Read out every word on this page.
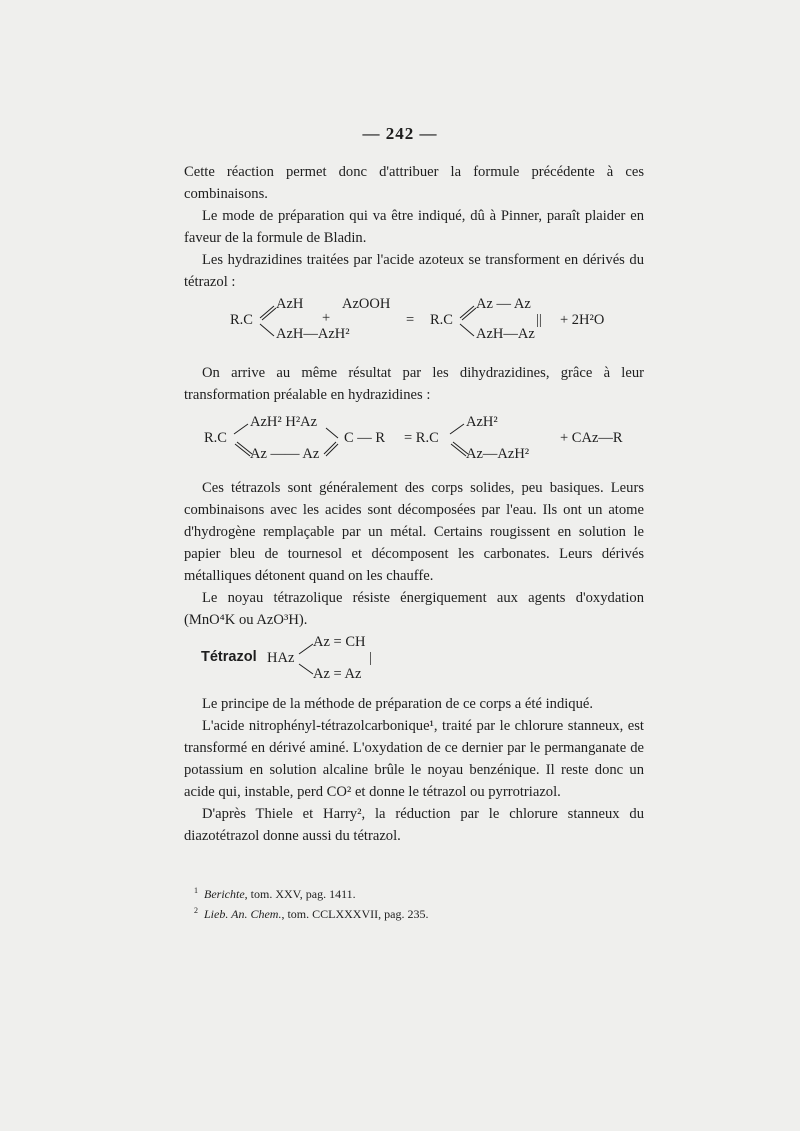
— 242 —

Cette réaction permet donc d'attribuer la formule précédente à ces combinaisons.

Le mode de préparation qui va être indiqué, dû à Pinner, paraît plaider en faveur de la formule de Bladin.

Les hydrazidines traitées par l'acide azoteux se transforment en dérivés du tétrazol :

R.C
AzH	AzOOH
+
AzH—AzH²
= R.C
Az — Az
||
AzH—Az
+ 2H²O

On arrive au même résultat par les dihydrazidines, grâce à leur transformation préalable en hydrazidines :

R.C
AzH² H²Az
Az —— Az
C — R = R.C
AzH²
Az—AzH²
+ CAz—R

Ces tétrazols sont généralement des corps solides, peu basiques. Leurs combinaisons avec les acides sont décomposées par l'eau. Ils ont un atome d'hydrogène remplaçable par un métal. Certains rougissent en solution le papier bleu de tournesol et décomposent les carbonates. Leurs dérivés métalliques détonent quand on les chauffe.

Le noyau tétrazolique résiste énergiquement aux agents d'oxydation (MnO⁴K ou AzO³H).

Tétrazol HAz
Az = CH
|
Az = Az

Le principe de la méthode de préparation de ce corps a été indiqué.

L'acide nitrophényl-tétrazolcarbonique¹, traité par le chlorure stanneux, est transformé en dérivé aminé. L'oxydation de ce dernier par le permanganate de potassium en solution alcaline brûle le noyau benzénique. Il reste donc un acide qui, instable, perd CO² et donne le tétrazol ou pyrrotriazol.

D'après Thiele et Harry², la réduction par le chlorure stanneux du diazotétrazol donne aussi du tétrazol.

$^1$ Berichte, tom. XXV, pag. 1411.
$^2$ Lieb. An. Chem., tom. CCLXXXVII, pag. 235.
